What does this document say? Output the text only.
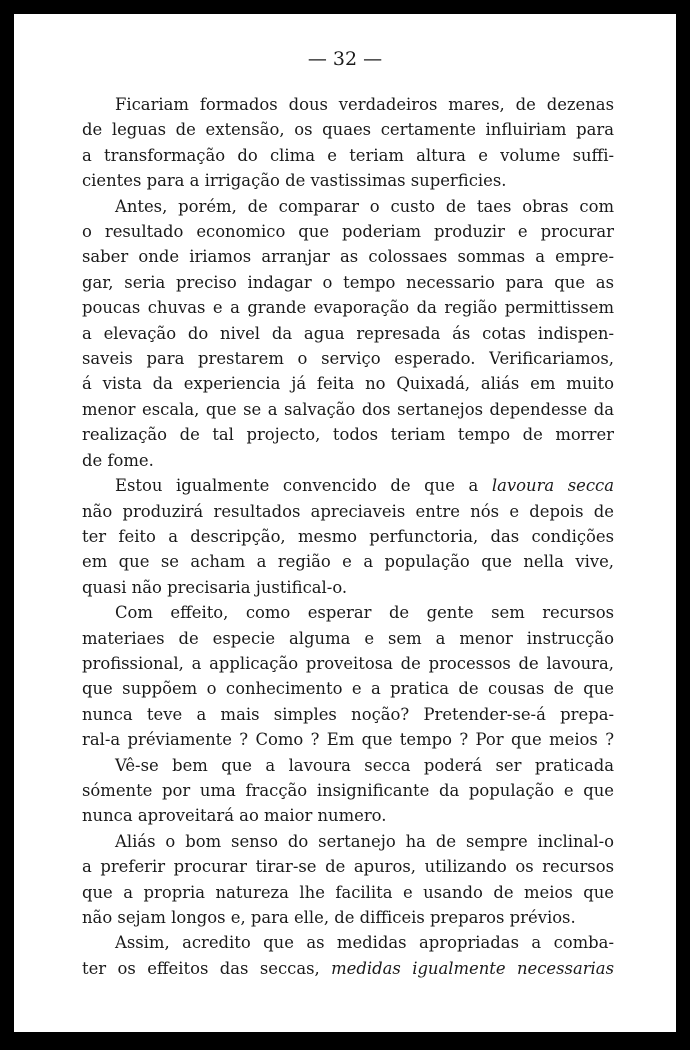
— 32 —

Ficariam formados dous verdadeiros mares, de dezenas
de leguas de extensão, os quaes certamente influiriam para
a transformação do clima e teriam altura e volume suffi-
cientes para a irrigação de vastissimas superficies.
Antes, porém, de comparar o custo de taes obras com
o resultado economico que poderiam produzir e procurar
saber onde iriamos arranjar as colossaes sommas a empre-
gar, seria preciso indagar o tempo necessario para que as
poucas chuvas e a grande evaporação da região permittissem
a elevação do nivel da agua represada ás cotas indispen-
saveis para prestarem o serviço esperado. Verificariamos,
á vista da experiencia já feita no Quixadá, aliás em muito
menor escala, que se a salvação dos sertanejos dependesse da
realização de tal projecto, todos teriam tempo de morrer
de fome.
Estou igualmente convencido de que a lavoura secca
não produzirá resultados apreciaveis entre nós e depois de
ter feito a descripção, mesmo perfunctoria, das condições
em que se acham a região e a população que nella vive,
quasi não precisaria justifical-o.
Com effeito, como esperar de gente sem recursos
materiaes de especie alguma e sem a menor instrucção
profissional, a applicação proveitosa de processos de lavoura,
que suppõem o conhecimento e a pratica de cousas de que
nunca teve a mais simples noção? Pretender-se-á prepa-
ral-a préviamente ? Como ? Em que tempo ? Por que meios ?
Vê-se bem que a lavoura secca poderá ser praticada
sómente por uma fracção insignificante da população e que
nunca aproveitará ao maior numero.
Aliás o bom senso do sertanejo ha de sempre inclinal-o
a preferir procurar tirar-se de apuros, utilizando os recursos
que a propria natureza lhe facilita e usando de meios que
não sejam longos e, para elle, de difficeis preparos prévios.
Assim, acredito que as medidas apropriadas a comba-
ter os effeitos das seccas, medidas igualmente necessarias
